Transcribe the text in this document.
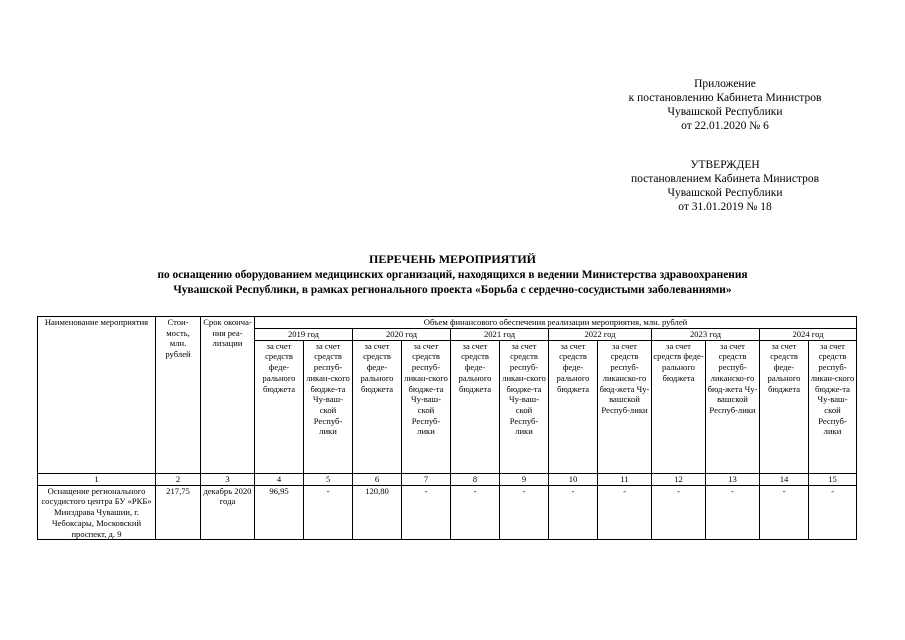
Приложение
к постановлению Кабинета Министров
Чувашской Республики
от 22.01.2020 № 6
УТВЕРЖДЕН
постановлением Кабинета Министров
Чувашской Республики
от 31.01.2019 № 18
ПЕРЕЧЕНЬ МЕРОПРИЯТИЙ
по оснащению оборудованием медицинских организаций, находящихся в ведении Министерства здравоохранения
Чувашской Республики, в рамках регионального проекта «Борьба с сердечно-сосудистыми заболеваниями»
Наименование мероприятия	Стои-мость, млн. рублей	Срок оконча-ния реа-лизации	Объем финансового обеспечения реализации мероприятия, млн. рублей											
			2019 год		2020 год		2021 год		2022 год		2023 год		2024 год	
			за счет средств феде-рального бюджета	за счет средств респуб-ликан-ского бюдже-та Чу-ваш-ской Респуб-лики	за счет средств феде-рального бюджета	за счет средств респуб-ликан-ского бюдже-та Чу-ваш-ской Респуб-лики	за счет средств феде-рального бюджета	за счет средств респуб-ликан-ского бюдже-та Чу-ваш-ской Респуб-лики	за счет средств феде-рального бюджета	за счет средств респуб-ликанско-го бюд-жета Чу-вашской Респуб-лики	за счет средств феде-рального бюджета	за счет средств респуб-ликанско-го бюд-жета Чу-вашской Респуб-лики	за счет средств феде-рального бюджета	за счет средств респуб-ликан-ского бюдже-та Чу-ваш-ской Респуб-лики
1	2	3	4	5	6	7	8	9	10	11	12	13	14	15
Оснащение регионального сосудистого центра БУ «РКБ» Минздрава Чувашии, г. Чебоксары, Московский проспект, д. 9	217,75	декабрь 2020 года	96,95	-	120,80	-	-	-	-	-	-	-	-	-
